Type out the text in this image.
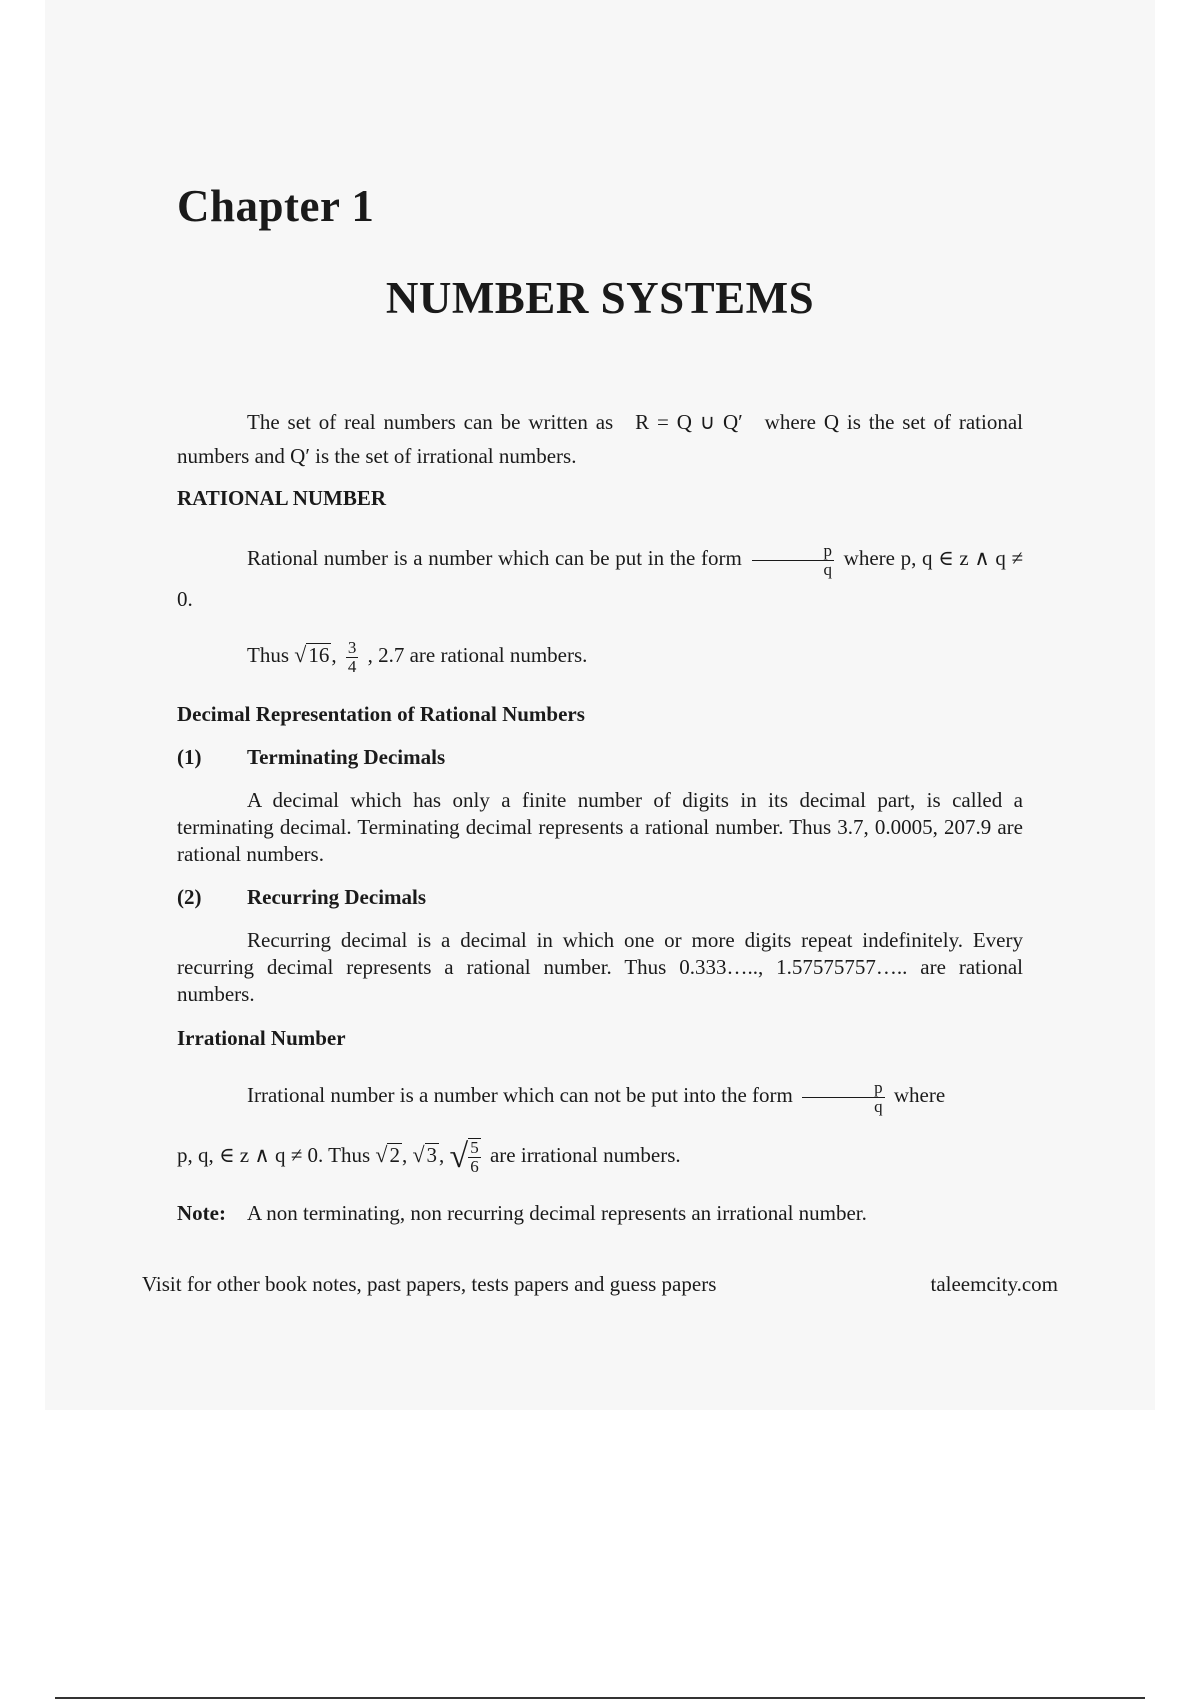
Chapter 1
NUMBER SYSTEMS

The set of real numbers can be written as R = Q ∪ Q′ where Q is the set of rational numbers and Q′ is the set of irrational numbers.

RATIONAL NUMBER

Rational number is a number which can be put in the form $\frac{p}{q}$ where p, q ∈ z ∧ q ≠ 0.

Thus √16, $\frac{3}{4}$ , 2.7 are rational numbers.

Decimal Representation of Rational Numbers
(1) Terminating Decimals

A decimal which has only a finite number of digits in its decimal part, is called a terminating decimal. Terminating decimal represents a rational number. Thus 3.7, 0.0005, 207.9 are rational numbers.

(2) Recurring Decimals

Recurring decimal is a decimal in which one or more digits repeat indefinitely. Every recurring decimal represents a rational number. Thus 0.333….., 1.57575757….. are rational numbers.

Irrational Number

Irrational number is a number which can not be put into the form $\frac{p}{q}$ where

p, q, ∈ z ∧ q ≠ 0. Thus √2, √3, √ $\frac{5}{6}$ are irrational numbers.

Note: A non terminating, non recurring decimal represents an irrational number.

Visit for other book notes, past papers, tests papers and guess papers	taleemcity.com
